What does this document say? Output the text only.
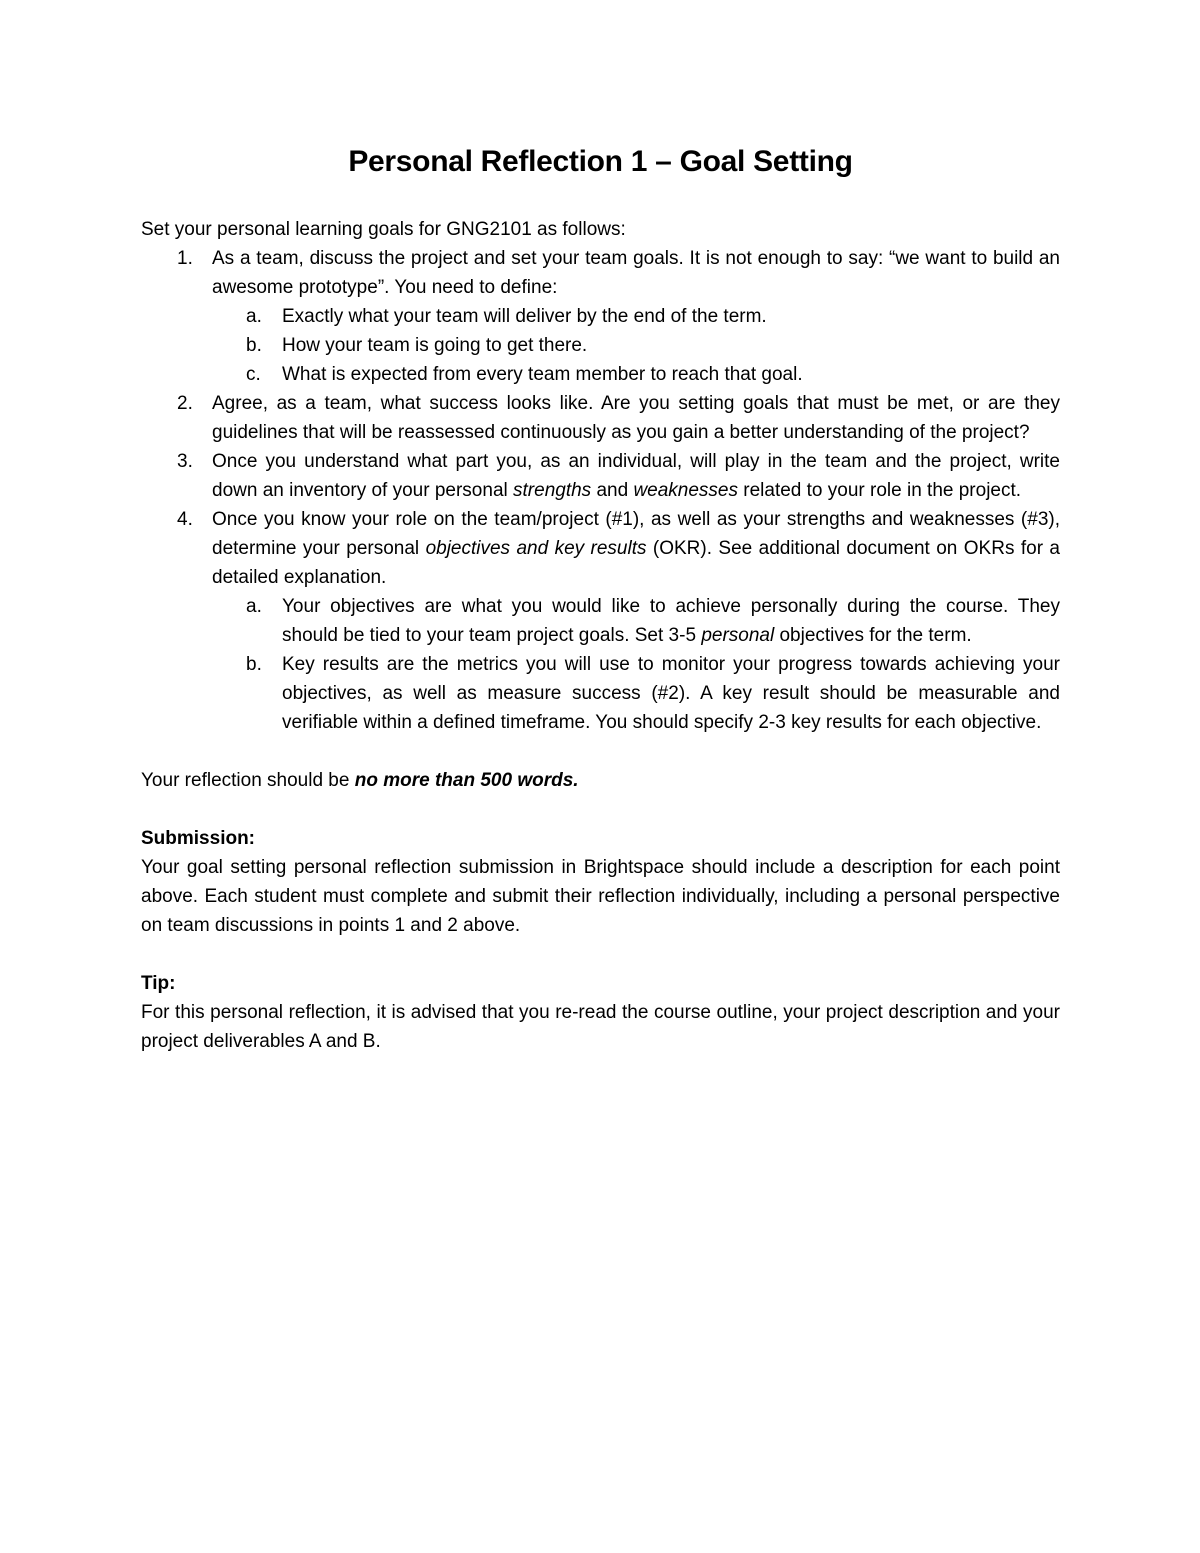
Personal Reflection 1 – Goal Setting

Set your personal learning goals for GNG2101 as follows:

1. As a team, discuss the project and set your team goals. It is not enough to say: “we want to build an awesome prototype”. You need to define:
a. Exactly what your team will deliver by the end of the term.
b. How your team is going to get there.
c. What is expected from every team member to reach that goal.
2. Agree, as a team, what success looks like. Are you setting goals that must be met, or are they guidelines that will be reassessed continuously as you gain a better understanding of the project?
3. Once you understand what part you, as an individual, will play in the team and the project, write down an inventory of your personal strengths and weaknesses related to your role in the project.
4. Once you know your role on the team/project (#1), as well as your strengths and weaknesses (#3), determine your personal objectives and key results (OKR). See additional document on OKRs for a detailed explanation.
a. Your objectives are what you would like to achieve personally during the course. They should be tied to your team project goals. Set 3-5 personal objectives for the term.
b. Key results are the metrics you will use to monitor your progress towards achieving your objectives, as well as measure success (#2). A key result should be measurable and verifiable within a defined timeframe. You should specify 2-3 key results for each objective.

Your reflection should be no more than 500 words.

Submission:

Your goal setting personal reflection submission in Brightspace should include a description for each point above. Each student must complete and submit their reflection individually, including a personal perspective on team discussions in points 1 and 2 above.

Tip:

For this personal reflection, it is advised that you re-read the course outline, your project description and your project deliverables A and B.
